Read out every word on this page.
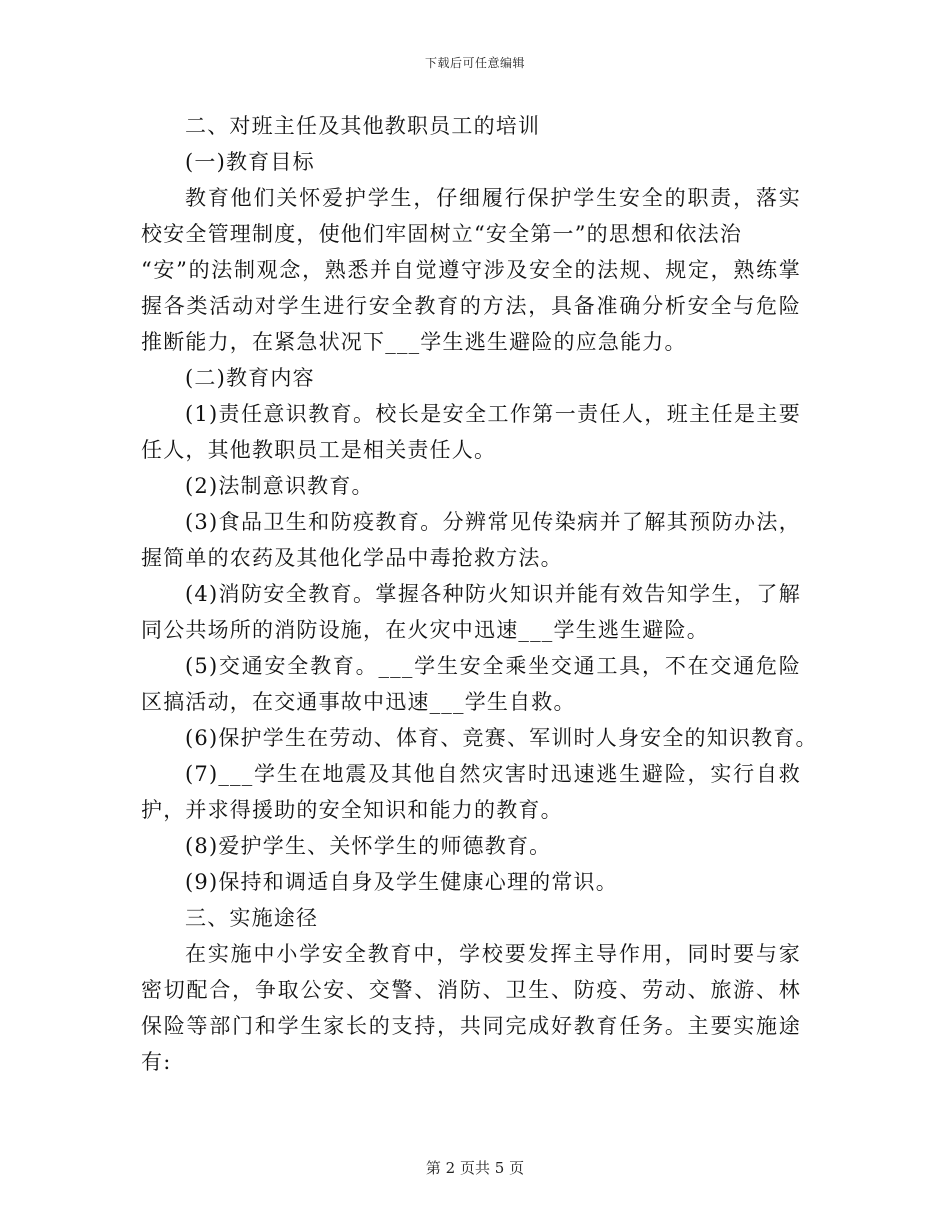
下载后可任意编辑
二、对班主任及其他教职员工的培训
(一)教育目标
教育他们关怀爱护学生，仔细履行保护学生安全的职责，落实
校安全管理制度，使他们牢固树立“安全第一”的思想和依法治
“安”的法制观念，熟悉并自觉遵守涉及安全的法规、规定，熟练掌
握各类活动对学生进行安全教育的方法，具备准确分析安全与危险
推断能力，在紧急状况下___学生逃生避险的应急能力。
(二)教育内容
(1)责任意识教育。校长是安全工作第一责任人，班主任是主要
任人，其他教职员工是相关责任人。
(2)法制意识教育。
(3)食品卫生和防疫教育。分辨常见传染病并了解其预防办法，
握简单的农药及其他化学品中毒抢救方法。
(4)消防安全教育。掌握各种防火知识并能有效告知学生，了解
同公共场所的消防设施，在火灾中迅速___学生逃生避险。
(5)交通安全教育。___学生安全乘坐交通工具，不在交通危险
区搞活动，在交通事故中迅速___学生自救。
(6)保护学生在劳动、体育、竞赛、军训时人身安全的知识教育。
(7)___学生在地震及其他自然灾害时迅速逃生避险，实行自救
护，并求得援助的安全知识和能力的教育。
(8)爱护学生、关怀学生的师德教育。
(9)保持和调适自身及学生健康心理的常识。
三、实施途径
在实施中小学安全教育中，学校要发挥主导作用，同时要与家
密切配合，争取公安、交警、消防、卫生、防疫、劳动、旅游、林
保险等部门和学生家长的支持，共同完成好教育任务。主要实施途
有:
第 2 页共 5 页
